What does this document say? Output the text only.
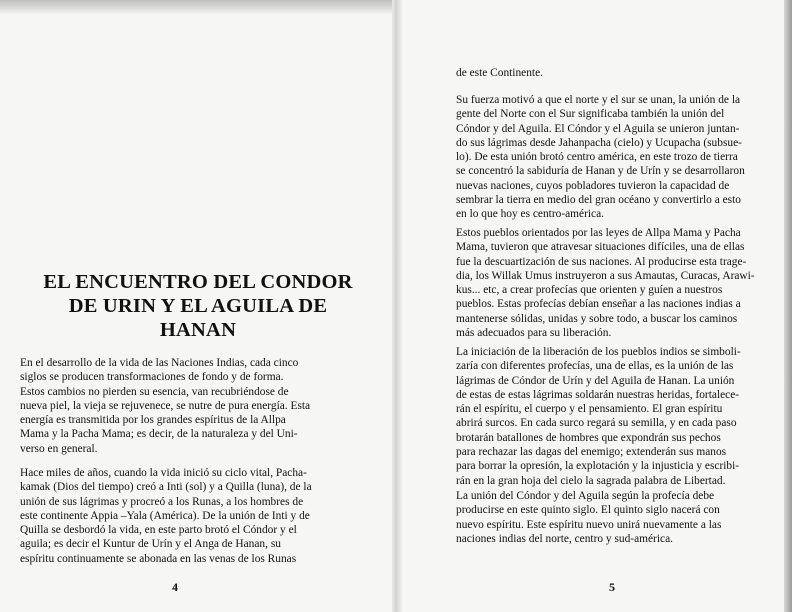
EL ENCUENTRO DEL CONDOR
DE URIN Y EL AGUILA DE
HANAN
En el desarrollo de la vida de las Naciones Indias, cada cinco
siglos se producen transformaciones de fondo y de forma.
Estos cambios no pierden su esencia, van recubriéndose de
nueva piel, la vieja se rejuvenece, se nutre de pura energía. Esta
energía es transmitida por los grandes espíritus de la Allpa
Mama y la Pacha Mama; es decir, de la naturaleza y del Uni-
verso en general.
Hace miles de años, cuando la vida inició su ciclo vital, Pacha-
kamak (Dios del tiempo) creó a Inti (sol) y a Quilla (luna), de la
unión de sus lágrimas y procreó a los Runas, a los hombres de
este continente Appia –Yala (América). De la unión de Inti y de
Quilla se desbordó la vida, en este parto brotó el Cóndor y el
aguila; es decir el Kuntur de Urín y el Anga de Hanan, su
espíritu continuamente se abonada en las venas de los Runas
4
de este Continente.
Su fuerza motivó a que el norte y el sur se unan, la unión de la
gente del Norte con el Sur significaba también la unión del
Cóndor y del Aguila. El Cóndor y el Aguila se unieron juntan-
do sus lágrimas desde Jahanpacha (cielo) y Ucupacha (subsue-
lo). De esta unión brotó centro américa, en este trozo de tierra
se concentró la sabiduría de Hanan y de Urín y se desarrollaron
nuevas naciones, cuyos pobladores tuvieron la capacidad de
sembrar la tierra en medio del gran océano y convertirlo a esto
en lo que hoy es centro-américa.
Estos pueblos orientados por las leyes de Allpa Mama y Pacha
Mama, tuvieron que atravesar situaciones difíciles, una de ellas
fue la descuartización de sus naciones. Al producirse esta trage-
dia, los Willak Umus instruyeron a sus Amautas, Curacas, Arawi-
kus... etc, a crear profecías que orienten y guíen a nuestros
pueblos. Estas profecías debían enseñar a las naciones indias a
mantenerse sólidas, unidas y sobre todo, a buscar los caminos
más adecuados para su liberación.
La iniciación de la liberación de los pueblos indios se simboli-
zaría con diferentes profecías, una de ellas, es la unión de las
lágrimas de Cóndor de Urín y del Aguila de Hanan. La unión
de estas de estas lágrimas soldarán nuestras heridas, fortalece-
rán el espíritu, el cuerpo y el pensamiento. El gran espíritu
abrirá surcos. En cada surco regará su semilla, y en cada paso
brotarán batallones de hombres que expondrán sus pechos
para rechazar las dagas del enemigo; extenderán sus manos
para borrar la opresión, la explotación y la injusticia y escribi-
rán en la gran hoja del cielo la sagrada palabra de Libertad.
La unión del Cóndor y del Aguila según la profecía debe
producirse en este quinto siglo. El quinto siglo nacerá con
nuevo espíritu. Este espíritu nuevo unirá nuevamente a las
naciones indias del norte, centro y sud-américa.
5
